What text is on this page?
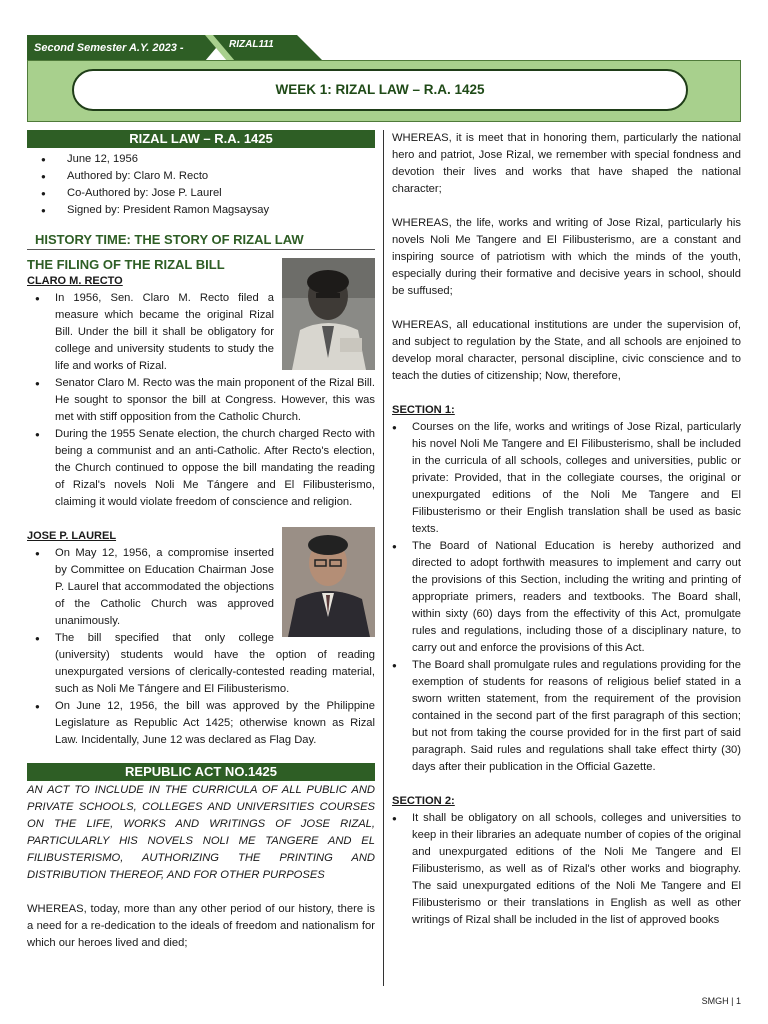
Second Semester A.Y. 2023 -	RIZAL111
WEEK 1: RIZAL LAW – R.A. 1425
RIZAL LAW – R.A. 1425
● June 12, 1956
● Authored by: Claro M. Recto
● Co-Authored by: Jose P. Laurel
● Signed by: President Ramon Magsaysay
HISTORY TIME: THE STORY OF RIZAL LAW
THE FILING OF THE RIZAL BILL
CLARO M. RECTO
● In 1956, Sen. Claro M. Recto filed a measure which became the original Rizal Bill. Under the bill it shall be obligatory for college and university students to study the life and works of Rizal.
● Senator Claro M. Recto was the main proponent of the Rizal Bill. He sought to sponsor the bill at Congress. However, this was met with stiff opposition from the Catholic Church.
● During the 1955 Senate election, the church charged Recto with being a communist and an anti-Catholic. After Recto's election, the Church continued to oppose the bill mandating the reading of Rizal's novels Noli Me Tángere and El Filibusterismo, claiming it would violate freedom of conscience and religion.
JOSE P. LAUREL
● On May 12, 1956, a compromise inserted by Committee on Education Chairman Jose P. Laurel that accommodated the objections of the Catholic Church was approved unanimously.
● The bill specified that only college (university) students would have the option of reading unexpurgated versions of clerically-contested reading material, such as Noli Me Tángere and El Filibusterismo.
● On June 12, 1956, the bill was approved by the Philippine Legislature as Republic Act 1425; otherwise known as Rizal Law. Incidentally, June 12 was declared as Flag Day.
REPUBLIC ACT NO.1425

AN ACT TO INCLUDE IN THE CURRICULA OF ALL PUBLIC AND PRIVATE SCHOOLS, COLLEGES AND UNIVERSITIES COURSES ON THE LIFE, WORKS AND WRITINGS OF JOSE RIZAL, PARTICULARLY HIS NOVELS NOLI ME TANGERE AND EL FILIBUSTERISMO, AUTHORIZING THE PRINTING AND DISTRIBUTION THEREOF, AND FOR OTHER PURPOSES

WHEREAS, today, more than any other period of our history, there is a need for a re-dedication to the ideals of freedom and nationalism for which our heroes lived and died;

WHEREAS, it is meet that in honoring them, particularly the national hero and patriot, Jose Rizal, we remember with special fondness and devotion their lives and works that have shaped the national character;

WHEREAS, the life, works and writing of Jose Rizal, particularly his novels Noli Me Tangere and El Filibusterismo, are a constant and inspiring source of patriotism with which the minds of the youth, especially during their formative and decisive years in school, should be suffused;

WHEREAS, all educational institutions are under the supervision of, and subject to regulation by the State, and all schools are enjoined to develop moral character, personal discipline, civic conscience and to teach the duties of citizenship; Now, therefore,

SECTION 1:
● Courses on the life, works and writings of Jose Rizal, particularly his novel Noli Me Tangere and El Filibusterismo, shall be included in the curricula of all schools, colleges and universities, public or private: Provided, that in the collegiate courses, the original or unexpurgated editions of the Noli Me Tangere and El Filibusterismo or their English translation shall be used as basic texts.
● The Board of National Education is hereby authorized and directed to adopt forthwith measures to implement and carry out the provisions of this Section, including the writing and printing of appropriate primers, readers and textbooks. The Board shall, within sixty (60) days from the effectivity of this Act, promulgate rules and regulations, including those of a disciplinary nature, to carry out and enforce the provisions of this Act.
● The Board shall promulgate rules and regulations providing for the exemption of students for reasons of religious belief stated in a sworn written statement, from the requirement of the provision contained in the second part of the first paragraph of this section; but not from taking the course provided for in the first part of said paragraph. Said rules and regulations shall take effect thirty (30) days after their publication in the Official Gazette.
SECTION 2:
● It shall be obligatory on all schools, colleges and universities to keep in their libraries an adequate number of copies of the original and unexpurgated editions of the Noli Me Tangere and El Filibusterismo, as well as of Rizal's other works and biography. The said unexpurgated editions of the Noli Me Tangere and El Filibusterismo or their translations in English as well as other writings of Rizal shall be included in the list of approved books
SMGH | 1
